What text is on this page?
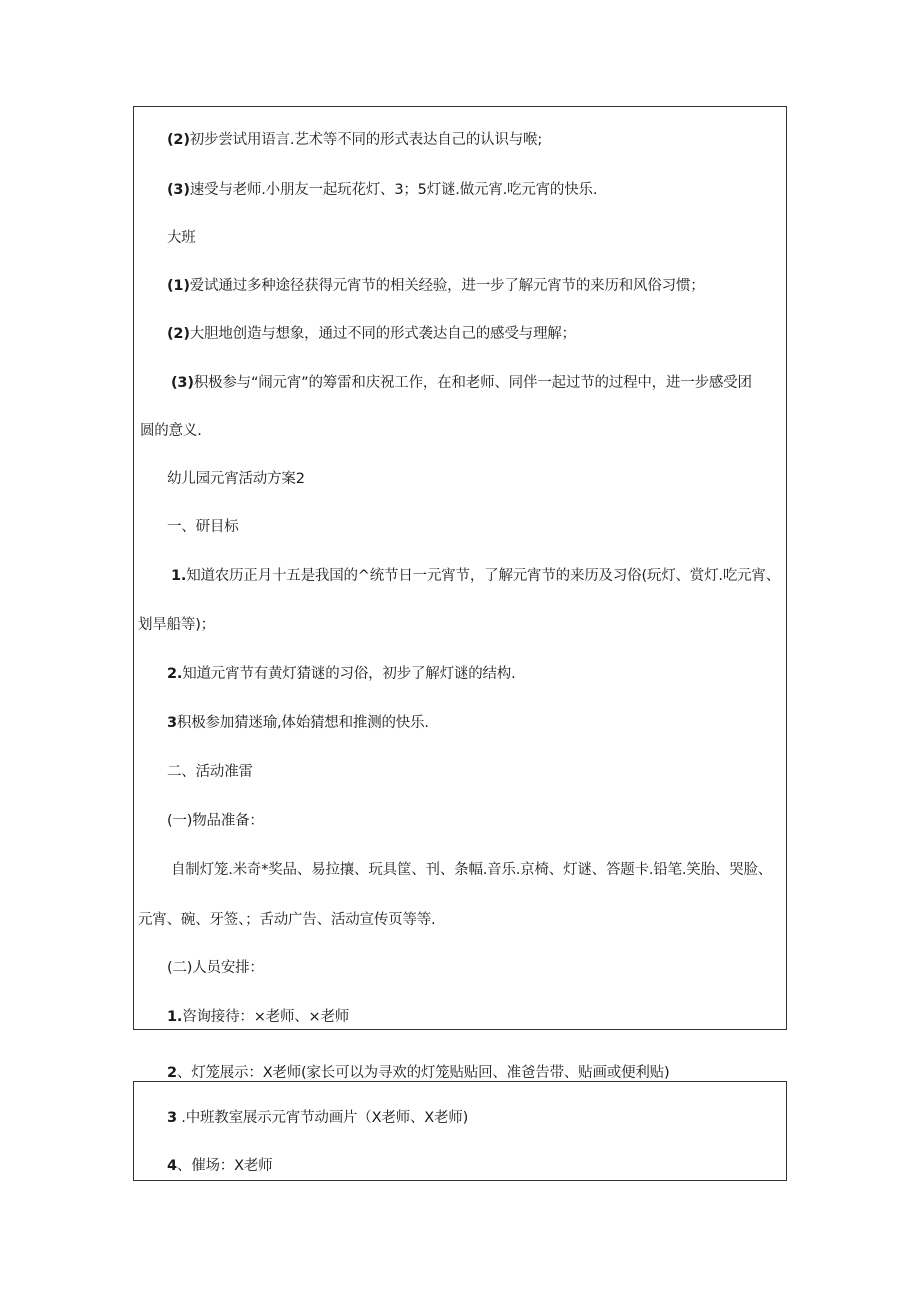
(2)初步尝试用语言.艺术等不同的形式表达自己的认识与喉;
(3)速受与老师.小朋友一起玩花灯、3；5灯谜.做元宵.吃元宵的快乐.
大班
(1)爱试通过多种途径获得元宵节的相关经验，进一步了解元宵节的来历和风俗习惯；
(2)大胆地创造与想象，通过不同的形式袭达自己的感受与理解；
(3)积极参与“闹元宵”的筹雷和庆祝工作，在和老师、同伴一起过节的过程中，进一步感受团
圆的意义.
幼儿园元宵活动方案2
一、研目标
1.知道农历正月十五是我国的^统节日一元宵节，了解元宵节的来历及习俗(玩灯、赏灯.吃元宵、
划旱船等)；
2.知道元宵节有黄灯猜谜的习俗，初步了解灯谜的结构.
3积极参加猜迷瑜,体始猜想和推测的快乐.
二、活动准雷
(一)物品准备：
自制灯笼.米奇*奖品、易拉攘、玩具筐、刊、条幅.音乐.京椅、灯谜、答题卡.铅笔.笑胎、哭脸、
元宵、碗、牙签、；舌动广告、活动宣传页等等.
(二)人员安排：
1.咨询接待：×老师、×老师
2、灯笼展示：X老师(家长可以为寻欢的灯笼贴贴回、准爸告带、贴画或便利贴)
3 .中班教室展示元宵节动画片（X老师、X老师)
4、催场：X老师
